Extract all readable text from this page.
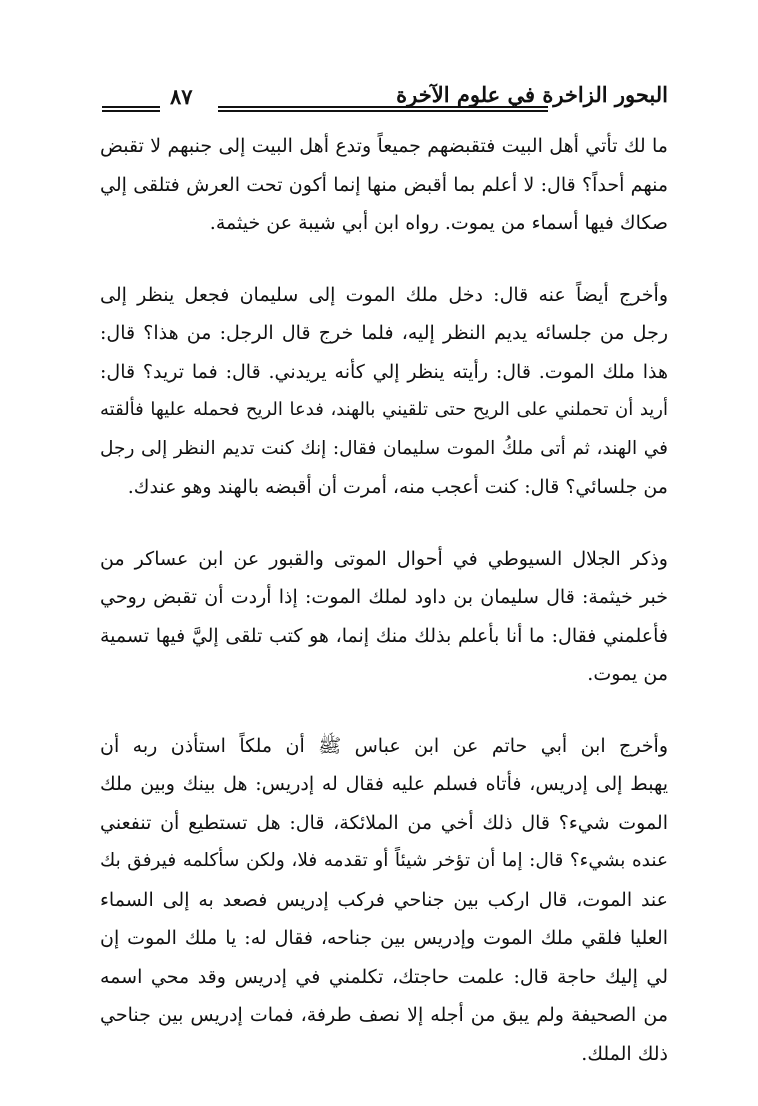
البحور الزاخرة في علوم الآخرة
٨٧
ما لك تأتي أهل البيت فتقبضهم جميعاً وتدع أهل البيت إلى جنبهم لا تقبض
منهم أحداً؟ قال: لا أعلم بما أقبض منها إنما أكون تحت العرش فتلقى إلي
صكاك فيها أسماء من يموت. رواه ابن أبي شيبة عن خيثمة.
وأخرج أيضاً عنه قال: دخل ملك الموت إلى سليمان فجعل ينظر إلى
رجل من جلسائه يديم النظر إليه، فلما خرج قال الرجل: من هذا؟ قال:
هذا ملك الموت. قال: رأيته ينظر إلي كأنه يريدني. قال: فما تريد؟ قال:
أريد أن تحملني على الريح حتى تلقيني بالهند، فدعا الريح فحمله عليها فألقته
في الهند، ثم أتى ملكُ الموت سليمان فقال: إنك كنت تديم النظر إلى رجل
من جلسائي؟ قال: كنت أعجب منه، أمرت أن أقبضه بالهند وهو عندك.
وذكر الجلال السيوطي في أحوال الموتى والقبور عن ابن عساكر من
خبر خيثمة: قال سليمان بن داود لملك الموت: إذا أردت أن تقبض روحي
فأعلمني فقال: ما أنا بأعلم بذلك منك إنما، هو كتب تلقى إليَّ فيها تسمية
من يموت.
وأخرج ابن أبي حاتم عن ابن عباس ﷺ أن ملكاً استأذن ربه أن
يهبط إلى إدريس، فأتاه فسلم عليه فقال له إدريس: هل بينك وبين ملك
الموت شيء؟ قال ذلك أخي من الملائكة، قال: هل تستطيع أن تنفعني
عنده بشيء؟ قال: إما أن تؤخر شيئاً أو تقدمه فلا، ولكن سأكلمه فيرفق بك
عند الموت، قال اركب بين جناحي فركب إدريس فصعد به إلى السماء
العليا فلقي ملك الموت وإدريس بين جناحه، فقال له: يا ملك الموت إن
لي إليك حاجة قال: علمت حاجتك، تكلمني في إدريس وقد محي اسمه
من الصحيفة ولم يبق من أجله إلا نصف طرفة، فمات إدريس بين جناحي
ذلك الملك.
